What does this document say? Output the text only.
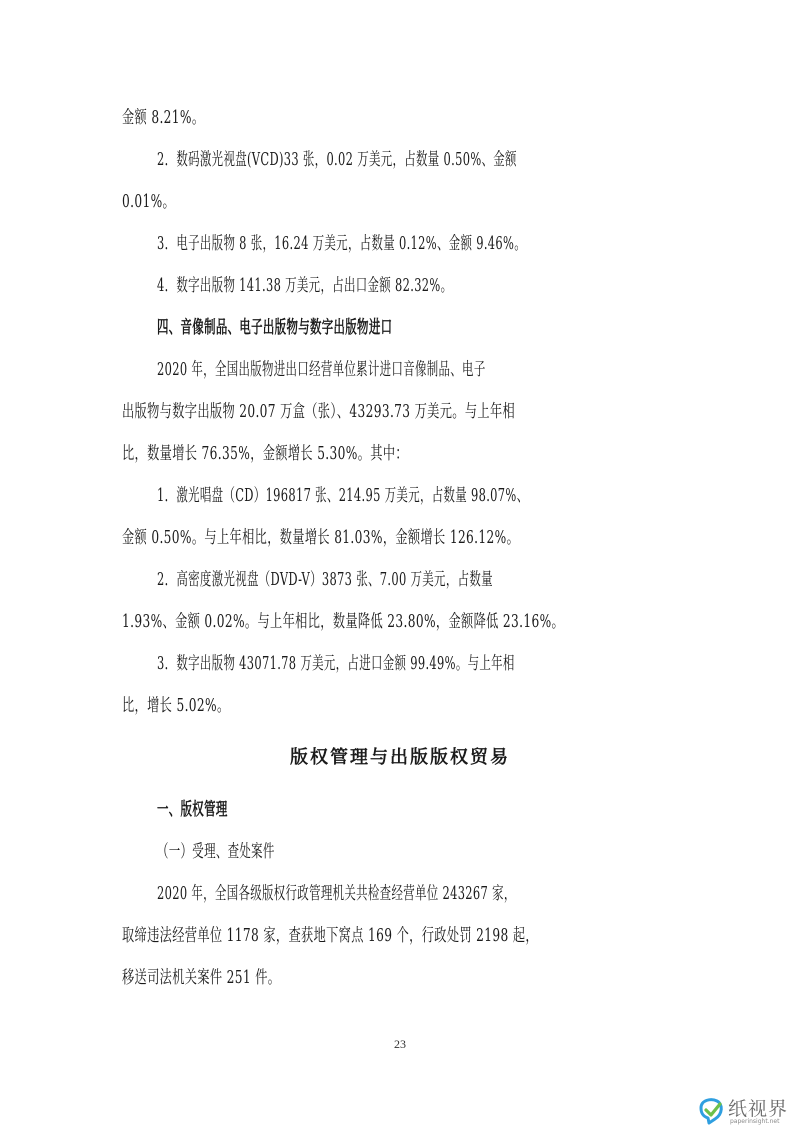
金额 8.21%。
2．数码激光视盘(VCD)33 张，0.02 万美元，占数量 0.50%、金额
0.01%。
3．电子出版物 8 张，16.24 万美元，占数量 0.12%、金额 9.46%。
4．数字出版物 141.38 万美元，占出口金额 82.32%。
四、音像制品、电子出版物与数字出版物进口
2020 年，全国出版物进出口经营单位累计进口音像制品、电子
出版物与数字出版物 20.07 万盒（张）、43293.73 万美元。与上年相
比，数量增长 76.35%，金额增长 5.30%。其中：
1．激光唱盘（CD）196817 张、214.95 万美元，占数量 98.07%、
金额 0.50%。与上年相比，数量增长 81.03%，金额增长 126.12%。
2．高密度激光视盘（DVD-V）3873 张、7.00 万美元，占数量
1.93%、金额 0.02%。与上年相比，数量降低 23.80%，金额降低 23.16%。
3．数字出版物 43071.78 万美元，占进口金额 99.49%。与上年相
比，增长 5.02%。
版权管理与出版版权贸易
一、版权管理
（一）受理、查处案件
2020 年，全国各级版权行政管理机关共检查经营单位 243267 家，
取缔违法经营单位 1178 家，查获地下窝点 169 个，行政处罚 2198 起，
移送司法机关案件 251 件。
23
纸视界
paperinsight.net
